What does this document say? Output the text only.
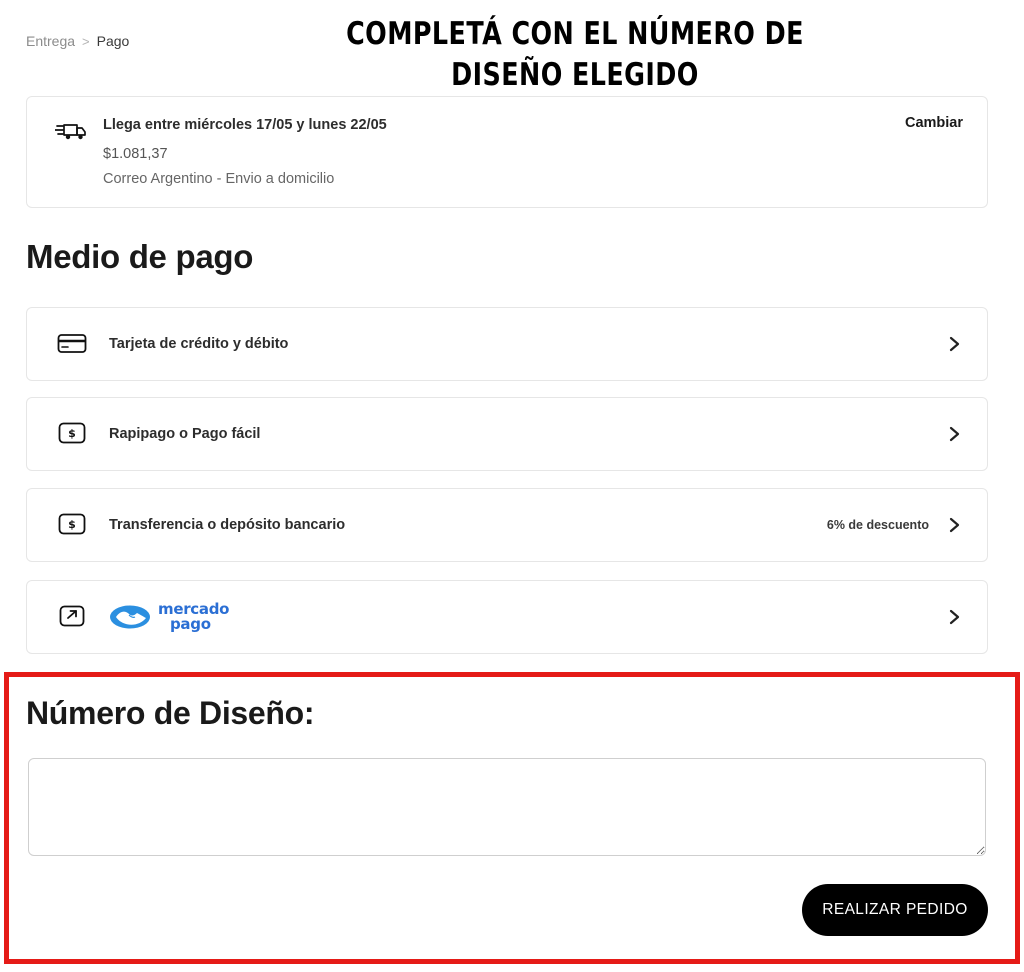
Entrega > Pago	COMPLETÁ CON EL NÚMERO DE DISEÑO ELEGIDO
Llega entre miércoles 17/05 y lunes 22/05
$1.081,37
Correo Argentino - Envio a domicilio
Cambiar
Medio de pago
Tarjeta de crédito y débito
$ Rapipago o Pago fácil
$ Transferencia o depósito bancario	6% de descuento
mercado
pago
Número de Diseño:
REALIZAR PEDIDO
